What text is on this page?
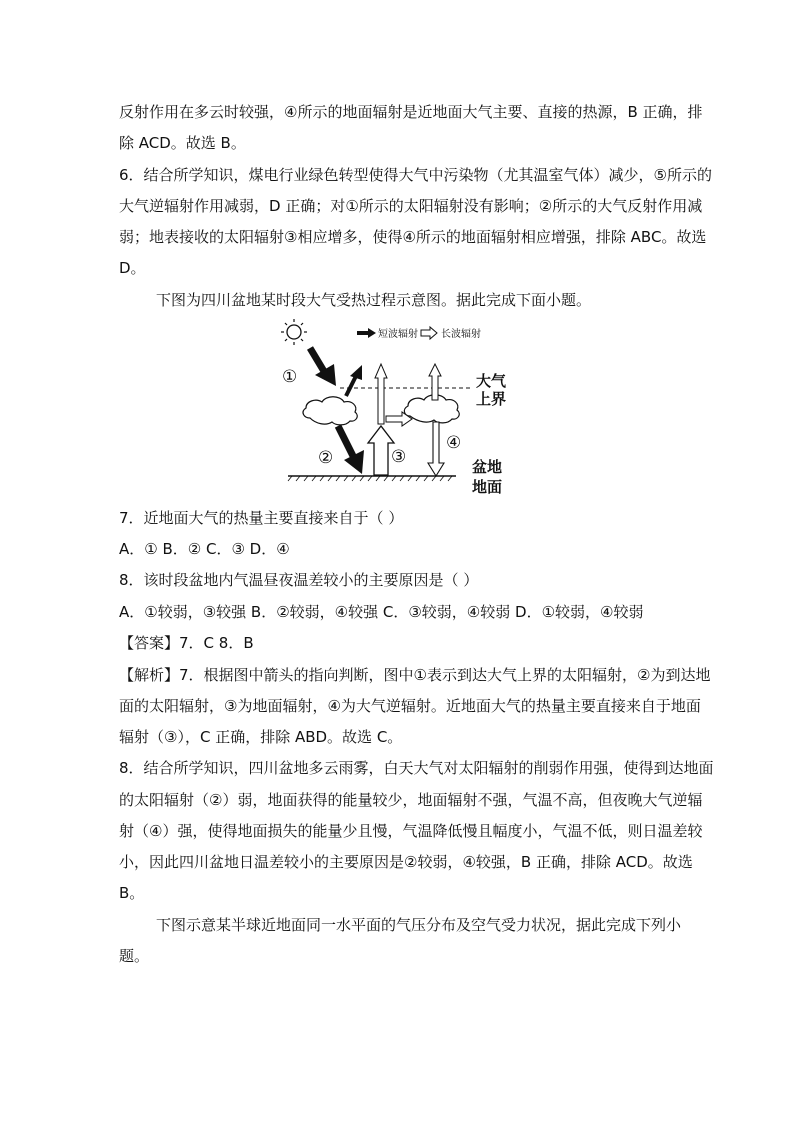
反射作用在多云时较强，④所示的地面辐射是近地面大气主要、直接的热源，B 正确，排
除 ACD。故选 B。
6．结合所学知识，煤电行业绿色转型使得大气中污染物（尤其温室气体）减少，⑤所示的
大气逆辐射作用减弱，D 正确；对①所示的太阳辐射没有影响；②所示的大气反射作用减
弱；地表接收的太阳辐射③相应增多，使得④所示的地面辐射相应增强，排除 ABC。故选
D。
下图为四川盆地某时段大气受热过程示意图。据此完成下面小题。
短波辐射 长波辐射
①
②	③
④
大气
上界
盆地
地面
7．近地面大气的热量主要直接来自于（ ）
A．① B．② C．③ D．④
8．该时段盆地内气温昼夜温差较小的主要原因是（ ）
A．①较弱，③较强 B．②较弱，④较强 C．③较弱，④较弱 D．①较弱，④较弱
【答案】7．C 8．B
【解析】7．根据图中箭头的指向判断，图中①表示到达大气上界的太阳辐射，②为到达地
面的太阳辐射，③为地面辐射，④为大气逆辐射。近地面大气的热量主要直接来自于地面
辐射（③），C 正确，排除 ABD。故选 C。
8．结合所学知识，四川盆地多云雨雾，白天大气对太阳辐射的削弱作用强，使得到达地面
的太阳辐射（②）弱，地面获得的能量较少，地面辐射不强，气温不高，但夜晚大气逆辐
射（④）强，使得地面损失的能量少且慢，气温降低慢且幅度小，气温不低，则日温差较
小，因此四川盆地日温差较小的主要原因是②较弱，④较强，B 正确，排除 ACD。故选
B。
下图示意某半球近地面同一水平面的气压分布及空气受力状况，据此完成下列小
题。
